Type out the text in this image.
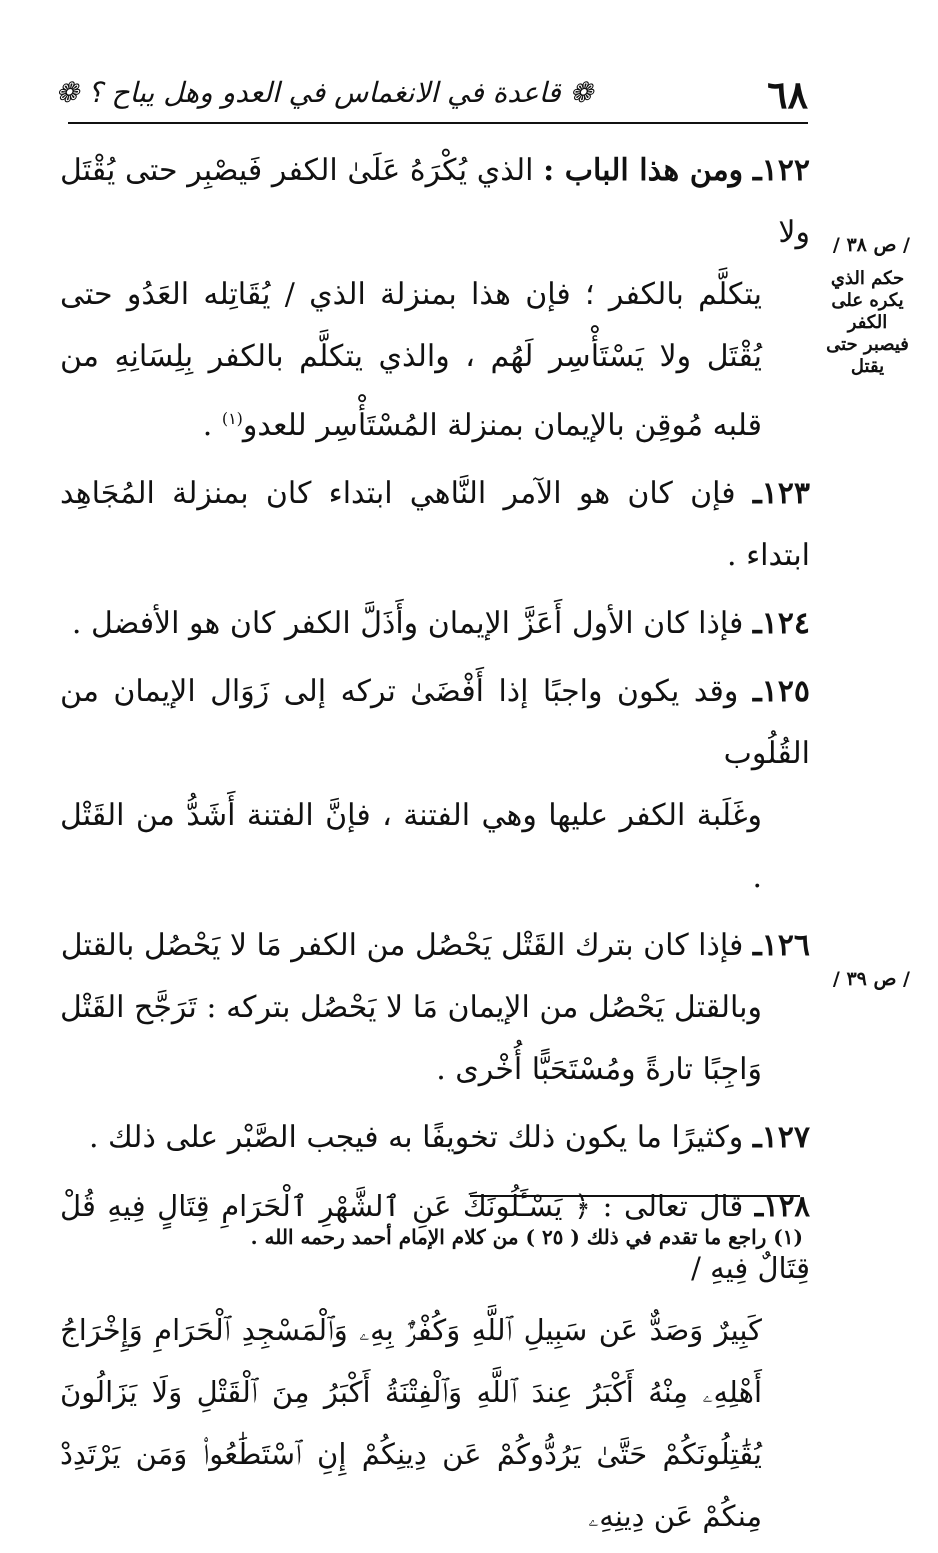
٦٨
❁ قاعدة في الانغماس في العدو وهل يباح ؟ ❁
/ ص ٣٨ /
حكم الذي يكره على الكفر فيصبر حتى يقتل
/ ص ٣٩ /
١٢٢ـ ومن هذا الباب : الذي يُكْرَهُ عَلَىٰ الكفر فَيصْبِر حتى يُقْتَل ولا
يتكلَّم بالكفر ؛ فإن هذا بمنزلة الذي / يُقَاتِله العَدُو حتى يُقْتَل ولا يَسْتَأْسِر لَهُم ، والذي يتكلَّم بالكفر بِلِسَانِهِ من قلبه مُوقِن بالإيمان بمنزلة المُسْتَأْسِر للعدو$^{(١)}$ .
١٢٣ـ فإن كان هو الآمر النَّاهي ابتداء كان بمنزلة المُجَاهِد ابتداء .
١٢٤ـ فإذا كان الأول أَعَزَّ الإيمان وأَذَلَّ الكفر كان هو الأفضل .
١٢٥ـ وقد يكون واجبًا إذا أَفْضَىٰ تركه إلى زَوَال الإيمان من القُلُوب
وغَلَبة الكفر عليها وهي الفتنة ، فإنَّ الفتنة أَشَدُّ من القَتْل .
١٢٦ـ فإذا كان بترك القَتْل يَحْصُل من الكفر مَا لا يَحْصُل بالقتل
وبالقتل يَحْصُل من الإيمان مَا لا يَحْصُل بتركه : تَرَجَّح القَتْل وَاجِبًا تارةً ومُسْتَحَبًّا أُخْرى .
١٢٧ـ وكثيرًا ما يكون ذلك تخويفًا به فيجب الصَّبْر على ذلك .
١٢٨ـ قال تعالى : ﴿ يَسْـَٔلُونَكَ عَنِ ٱلشَّهْرِ ٱلْحَرَامِ قِتَالٍ فِيهِ قُلْ قِتَالٌ فِيهِ /
كَبِيرٌ وَصَدٌّ عَن سَبِيلِ ٱللَّهِ وَكُفْرٌۢ بِهِۦ وَٱلْمَسْجِدِ ٱلْحَرَامِ وَإِخْرَاجُ أَهْلِهِۦ مِنْهُ أَكْبَرُ عِندَ ٱللَّهِ وَٱلْفِتْنَةُ أَكْبَرُ مِنَ ٱلْقَتْلِ وَلَا يَزَالُونَ يُقَٰتِلُونَكُمْ حَتَّىٰ يَرُدُّوكُمْ عَن دِينِكُمْ إِنِ ٱسْتَطَٰعُوا۟ وَمَن يَرْتَدِدْ مِنكُمْ عَن دِينِهِۦ
(١) راجع ما تقدم في ذلك ( ٢٥ ) من كلام الإمام أحمد رحمه الله .
